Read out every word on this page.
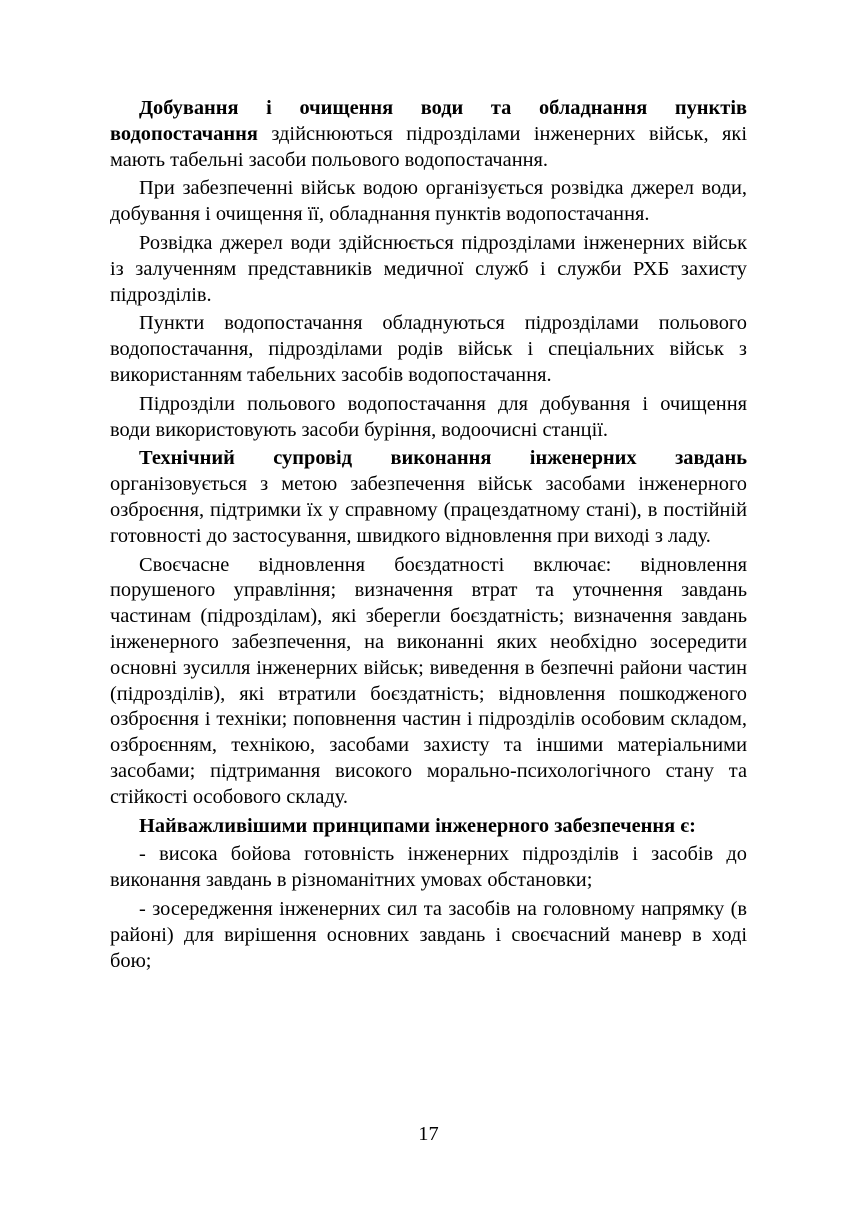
Добування і очищення води та обладнання пунктів водопостачання здійснюються підрозділами інженерних військ, які мають табельні засоби польового водопостачання.

При забезпеченні військ водою організується розвідка джерел води, добування і очищення її, обладнання пунктів водопостачання.

Розвідка джерел води здійснюється підрозділами інженерних військ із залученням представників медичної служб і служби РХБ захисту підрозділів.

Пункти водопостачання обладнуються підрозділами польового водопостачання, підрозділами родів військ і спеціальних військ з використанням табельних засобів водопостачання.

Підрозділи польового водопостачання для добування і очищення води використовують засоби буріння, водоочисні станції.

Технічний супровід виконання інженерних завдань організовується з метою забезпечення військ засобами інженерного озброєння, підтримки їх у справному (працездатному стані), в постійній готовності до застосування, швидкого відновлення при виході з ладу.

Своєчасне відновлення боєздатності включає: відновлення порушеного управління; визначення втрат та уточнення завдань частинам (підрозділам), які зберегли боєздатність; визначення завдань інженерного забезпечення, на виконанні яких необхідно зосередити основні зусилля інженерних військ; виведення в безпечні райони частин (підрозділів), які втратили боєздатність; відновлення пошкодженого озброєння і техніки; поповнення частин і підрозділів особовим складом, озброєнням, технікою, засобами захисту та іншими матеріальними засобами; підтримання високого морально-психологічного стану та стійкості особового складу.

Найважливішими принципами інженерного забезпечення є:

- висока бойова готовність інженерних підрозділів і засобів до виконання завдань в різноманітних умовах обстановки;

- зосередження інженерних сил та засобів на головному напрямку (в районі) для вирішення основних завдань і своєчасний маневр в ході бою;

17
